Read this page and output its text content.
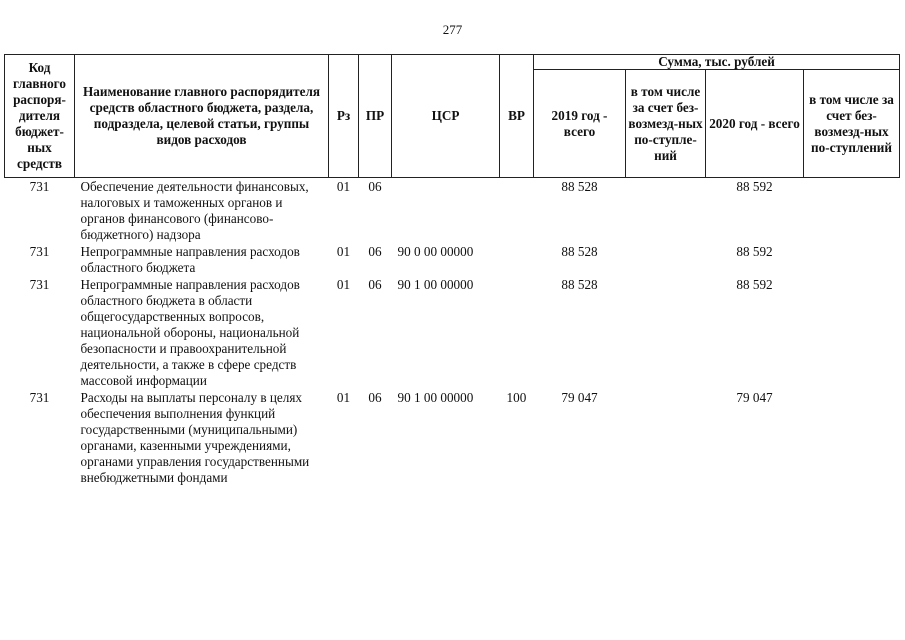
277
Код главного распоря-дителя бюджет-ных средств	Наименование главного распорядителя средств областного бюджета, раздела, подраздела, целевой статьи, группы видов расходов	Рз	ПР	ЦСР	ВР	Сумма, тыс. рублей			
						2019 год - всего	в том числе за счет без-возмезд-ных по-ступле-ний	2020 год - всего	в том числе за счет без-возмезд-ных по-ступлений
731	Обеспечение деятельности финансовых, налоговых и таможенных органов и органов финансового (финансово-бюджетного) надзора	01	06			88 528		88 592	
731	Непрограммные направления расходов областного бюджета	01	06	90 0 00 00000		88 528		88 592	
731	Непрограммные направления расходов областного бюджета в области общегосударственных вопросов, национальной обороны, национальной безопасности и правоохранительной деятельности, а также в сфере средств массовой информации	01	06	90 1 00 00000		88 528		88 592	
731	Расходы на выплаты персоналу в целях обеспечения выполнения функций государственными (муниципальными) органами, казенными учреждениями, органами управления государственными внебюджетными фондами	01	06	90 1 00 00000	100	79 047		79 047	
